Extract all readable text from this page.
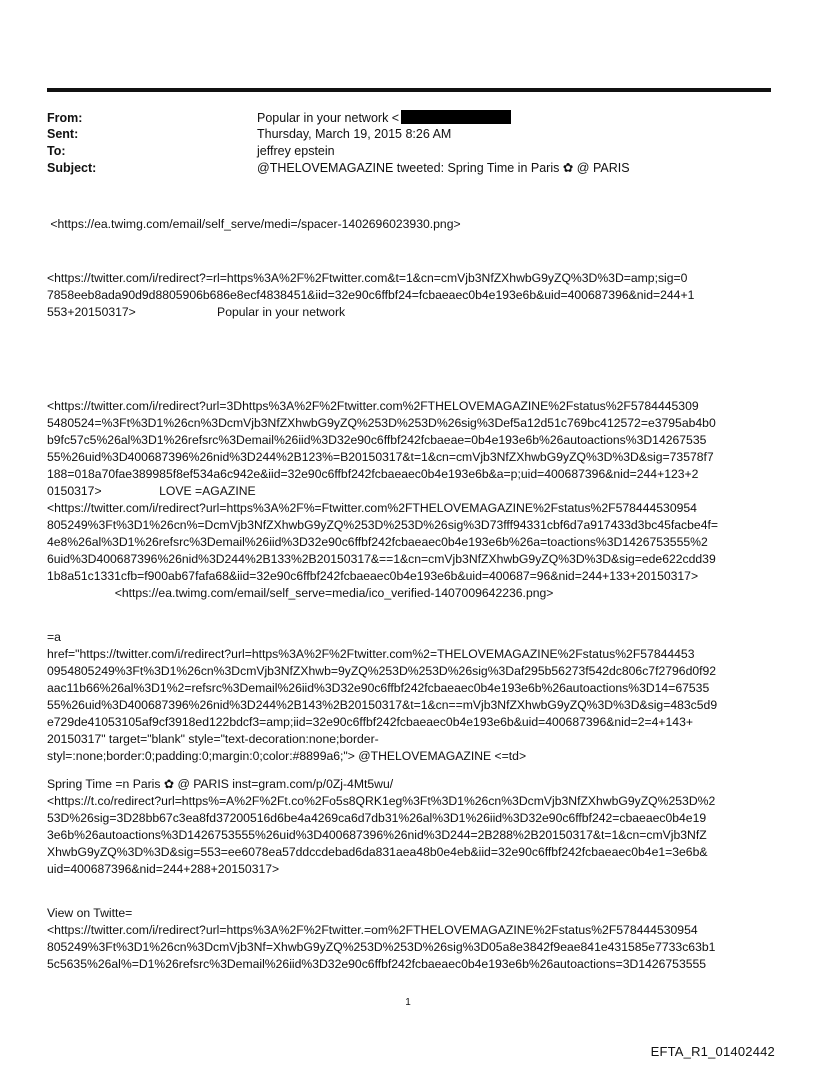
From:	Popular in your network <
Sent:	Thursday, March 19, 2015 8:26 AM
To:	jeffrey epstein
Subject:	@THELOVEMAGAZINE tweeted: Spring Time in Paris ✿ @ PARIS
<https://ea.twimg.com/email/self_serve/medi=/spacer-1402696023930.png>
<https://twitter.com/i/redirect?=rl=https%3A%2F%2Ftwitter.com&t=1&cn=cmVjb3NfZXhwbG9yZQ%3D%3D=amp;sig=0
7858eeb8ada90d9d8805906b686e8ecf4838451&iid=32e90c6ffbf24=fcbaeaec0b4e193e6b&uid=400687396&nid=244+1
553+20150317>                        Popular in your network
<https://twitter.com/i/redirect?url=3Dhttps%3A%2F%2Ftwitter.com%2FTHELOVEMAGAZINE%2Fstatus%2F5784445309
5480524=%3Ft%3D1%26cn%3DcmVjb3NfZXhwbG9yZQ%253D%253D%26sig%3Def5a12d51c769bc412572=e3795ab4b0
b9fc57c5%26al%3D1%26refsrc%3Demail%26iid%3D32e90c6ffbf242fcbaeae=0b4e193e6b%26autoactions%3D14267535
55%26uid%3D400687396%26nid%3D244%2B123%=B20150317&t=1&cn=cmVjb3NfZXhwbG9yZQ%3D%3D&sig=73578f7
188=018a70fae389985f8ef534a6c942e&iid=32e90c6ffbf242fcbaeaec0b4e193e6b&a=p;uid=400687396&nid=244+123+2
0150317>                 LOVE =AGAZINE
<https://twitter.com/i/redirect?url=https%3A%2F%=Ftwitter.com%2FTHELOVEMAGAZINE%2Fstatus%2F578444530954
805249%3Ft%3D1%26cn%=DcmVjb3NfZXhwbG9yZQ%253D%253D%26sig%3D73fff94331cbf6d7a917433d3bc45facbe4f=
4e8%26al%3D1%26refsrc%3Demail%26iid%3D32e90c6ffbf242fcbaeaec0b4e193e6b%26a=toactions%3D1426753555%2
6uid%3D400687396%26nid%3D244%2B133%2B20150317&==1&cn=cmVjb3NfZXhwbG9yZQ%3D%3D&sig=ede622cdd39
1b8a51c1331cfb=f900ab67fafa68&iid=32e90c6ffbf242fcbaeaec0b4e193e6b&uid=400687=96&nid=244+133+20150317>
<https://ea.twimg.com/email/self_serve=media/ico_verified-1407009642236.png>
=a
href="https://twitter.com/i/redirect?url=https%3A%2F%2Ftwitter.com%2=THELOVEMAGAZINE%2Fstatus%2F57844453
0954805249%3Ft%3D1%26cn%3DcmVjb3NfZXhwb=9yZQ%253D%253D%26sig%3Daf295b56273f542dc806c7f2796d0f92
aac11b66%26al%3D1%2=refsrc%3Demail%26iid%3D32e90c6ffbf242fcbaeaec0b4e193e6b%26autoactions%3D14=67535
55%26uid%3D400687396%26nid%3D244%2B143%2B20150317&t=1&cn==mVjb3NfZXhwbG9yZQ%3D%3D&sig=483c5d9
e729de41053105af9cf3918ed122bdcf3=amp;iid=32e90c6ffbf242fcbaeaec0b4e193e6b&uid=400687396&nid=2=4+143+
20150317" target="blank" style="text-decoration:none;border-
styl=:none;border:0;padding:0;margin:0;color:#8899a6;"> @THELOVEMAGAZINE <=td>
Spring Time =n Paris ✿ @ PARIS inst=gram.com/p/0Zj-4Mt5wu/
<https://t.co/redirect?url=https%=A%2F%2Ft.co%2Fo5s8QRK1eg%3Ft%3D1%26cn%3DcmVjb3NfZXhwbG9yZQ%253D%2
53D%26sig=3D28bb67c3ea8fd37200516d6be4a4269ca6d7db31%26al%3D1%26iid%3D32e90c6ffbf242=cbaeaec0b4e19
3e6b%26autoactions%3D1426753555%26uid%3D400687396%26nid%3D244=2B288%2B20150317&t=1&cn=cmVjb3NfZ
XhwbG9yZQ%3D%3D&sig=553=ee6078ea57ddccdebad6da831aea48b0e4eb&iid=32e90c6ffbf242fcbaeaec0b4e1=3e6b&
uid=400687396&nid=244+288+20150317>
View on Twitte=
<https://twitter.com/i/redirect?url=https%3A%2F%2Ftwitter.=om%2FTHELOVEMAGAZINE%2Fstatus%2F578444530954
805249%3Ft%3D1%26cn%3DcmVjb3Nf=XhwbG9yZQ%253D%253D%26sig%3D05a8e3842f9eae841e431585e7733c63b1
5c5635%26al%=D1%26refsrc%3Demail%26iid%3D32e90c6ffbf242fcbaeaec0b4e193e6b%26autoactions=3D1426753555
1
EFTA_R1_01402442
